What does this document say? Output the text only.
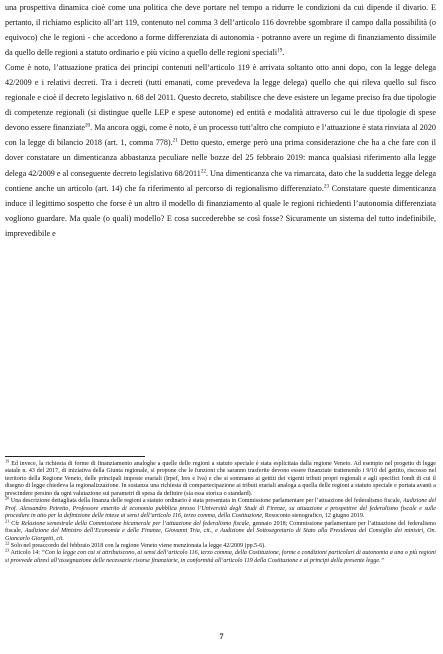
una prospettiva dinamica cioè come una politica che deve portare nel tempo a ridurre le condizioni da cui dipende il divario. E pertanto, il richiamo esplicito all’art 119, contenuto nel comma 3 dell’articolo 116 dovrebbe sgombrare il campo dalla possibilità (o equivoco) che le regioni - che accedono a forme differenziata di autonomia - potranno avere un regime di finanziamento dissimile da quello delle regioni a statuto ordinario e più vicino a quello delle regioni speciali$^{19}$.

Come è noto, l’attuazione pratica dei principi contenuti nell’articolo 119 è arrivata soltanto otto anni dopo, con la legge delega 42/2009 e i relativi decreti. Tra i decreti (tutti emanati, come prevedeva la legge delega) quello che qui rileva quello sul fisco regionale e cioè il decreto legislativo n. 68 del 2011. Questo decreto, stabilisce che deve esistere un legame preciso fra due tipologie di competenze regionali (si distingue quelle LEP e spese autonome) ed entità e modalità attraverso cui le due tipologie di spese devono essere finanziate$^{20}$. Ma ancora oggi, come è noto, è un processo tutt’altro che compiuto e l’attuazione è stata rinviata al 2020 con la legge di bilancio 2018 (art. 1, comma 778).$^{21}$ Detto questo, emerge però una prima considerazione che ha a che fare con il dover constatare un dimenticanza abbastanza peculiare nelle bozze del 25 febbraio 2019: manca qualsiasi riferimento alla legge delega 42/2009 e al conseguente decreto legislativo 68/2011$^{22}$. Una dimenticanza che va rimarcata, dato che la suddetta legge delega contiene anche un articolo (art. 14) che fa riferimento al percorso di regionalismo differenziato.$^{23}$ Constatare queste dimenticanza induce il legittimo sospetto che forse è un altro il modello di finanziamento al quale le regioni richiedenti l’autonomia differenziata vogliono guardare. Ma quale (o quali) modello? E cosa succederebbe se così fosse? Sicuramente un sistema del tutto indefinibile, imprevedibile e

$^{19}$ Ed invece, la richiesta di forme di finanziamento analoghe a quelle delle regioni a statuto speciale è stata esplicitata dalla regione Veneto. Ad esempio nel progetto di legge statale n. 43 del 2017, di iniziativa della Giunta regionale, si propone che le funzioni che saranno trasferite devono essere finanziate trattenendo i 9/10 del gettito, riscosso nel territorio della Regione Veneto, delle principali imposte erariali (Irpef, Ires e Iva) e che si sommano ai gettiti dei vigenti tributi propri regionali e agli specifici fondi di cui il disegno di legge chiedeva la regionalizzazione. In sostanza una richiesta di compartecipazione ai tributi erariali analoga a quella delle regioni a statuto speciale e portata avanti a prescindere persino da ogni valutazione sui parametri di spesa da definire (sia essa storica o standard).

$^{20}$ Una descrizione dettagliata della finanza delle regioni a statuto ordinario è stata presentata in Commissione parlamentare per l’attuazione del federalismo fiscale, Audizione del Prof. Alessandro Petretto, Professore emerito di economia pubblica presso l’Università degli Studi di Firenze, su attuazione e prospettive del federalismo fiscale e sulle procedure in atto per la definizione delle intese ai sensi dell’articolo 116, terzo comma, della Costituzione, Resoconto stenografico, 12 giugno 2019.

$^{21}$ Cfr Relazione semestrale della Commissione bicamerale per l’attuazione del federalismo fiscale, gennaio 2018; Commissione parlamentare per l’attuazione del federalismo fiscale, Audizione del Ministro dell’Economia e delle Finanze, Giovanni Tria, cit., e Audizione del Sottosegretario di Stato alla Presidenza del Consiglio dei ministri, On. Giancarlo Giorgetti, cit.

$^{22}$ Solo nel preaccordo del febbraio 2018 con la regione Veneto viene menzionata la legge 42/2009 (pp.5-6).

$^{23}$ Articolo 14: “Con la legge con cui si attribuiscono, ai sensi dell’articolo 116, terzo comma, della Costituzione, forme e condizioni particolari di autonomia a una o più regioni si provvede altresì all’assegnazione delle necessarie risorse finanziarie, in conformità all’articolo 119 della Costituzione e ai principi della presente legge.”

7
